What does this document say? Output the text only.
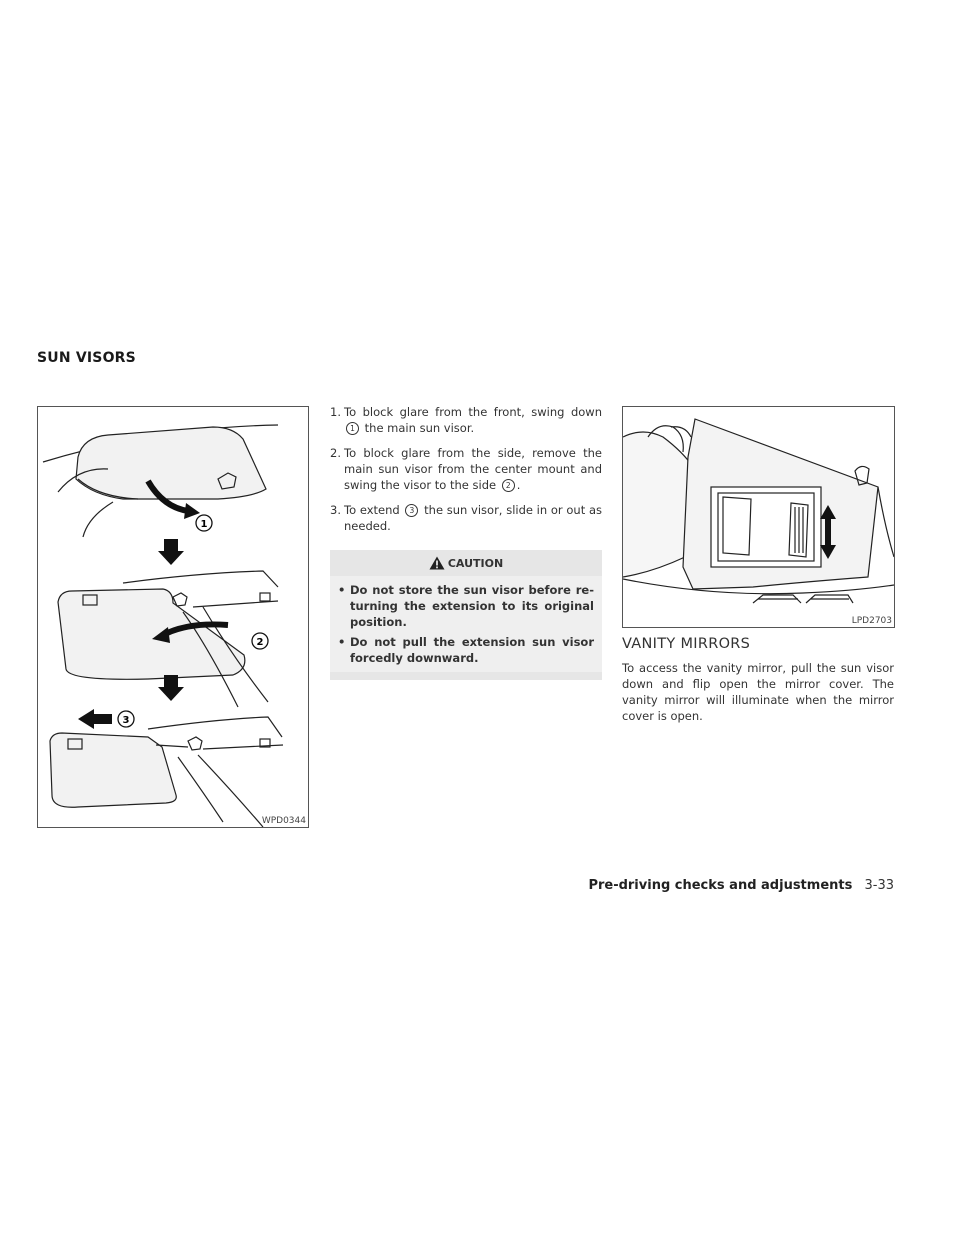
SUN VISORS
1
2
3
WPD0344
1. To block glare from the front, swing down 1 the main sun visor.
2. To block glare from the side, remove the main sun visor from the center mount and swing the visor to the side 2 .
3. To extend 3 the sun visor, slide in or out as needed.
CAUTION
• Do not store the sun visor before re-turning the extension to its original position.
• Do not pull the extension sun visor forcedly downward.
LPD2703
VANITY MIRRORS
To access the vanity mirror, pull the sun visor down and flip open the mirror cover. The vanity mirror will illuminate when the mirror cover is open.
Pre-driving checks and adjustments 3-33
